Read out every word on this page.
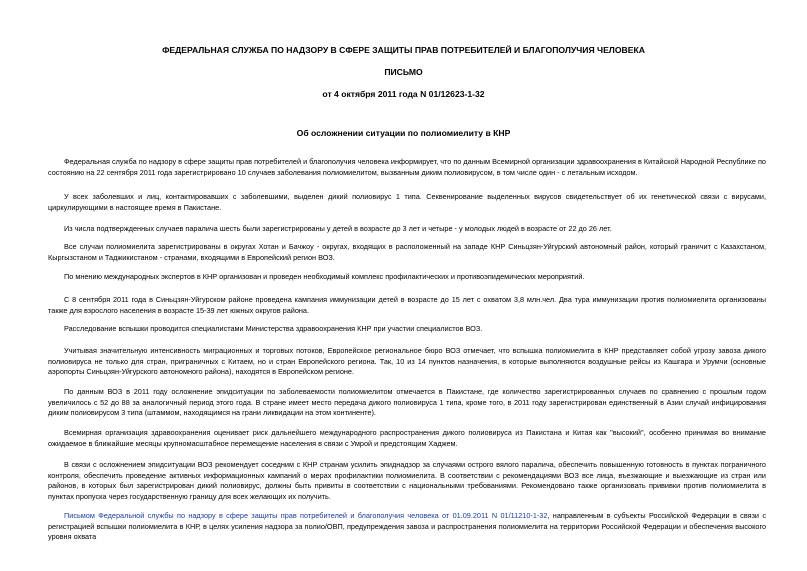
ФЕДЕРАЛЬНАЯ СЛУЖБА ПО НАДЗОРУ В СФЕРЕ ЗАЩИТЫ ПРАВ ПОТРЕБИТЕЛЕЙ И БЛАГОПОЛУЧИЯ ЧЕЛОВЕКА
ПИСЬМО
от 4 октября 2011 года N 01/12623-1-32
Об осложнении ситуации по полиомиелиту в КНР
Федеральная служба по надзору в сфере защиты прав потребителей и благополучия человека информирует, что по данным Всемирной организации здравоохранения в Китайской Народной Республике по состоянию на 22 сентября 2011 года зарегистрировано 10 случаев заболевания полиомиелитом, вызванным диким полиовирусом, в том числе один - с летальным исходом.
У всех заболевших и лиц, контактировавших с заболевшими, выделен дикий полиовирус 1 типа. Секвенирование выделенных вирусов свидетельствует об их генетической связи с вирусами, циркулирующими в настоящее время в Пакистане.
Из числа подтвержденных случаев паралича шесть были зарегистрированы у детей в возрасте до 3 лет и четыре - у молодых людей в возрасте от 22 до 26 лет.
Все случаи полиомиелита зарегистрированы в округах Хотан и Бачжоу - округах, входящих в расположенный на западе КНР Синьцзян-Уйгурский автономный район, который граничит с Казахстаном, Кыргызстаном и Таджикистаном - странами, входящими в Европейский регион ВОЗ.
По мнению международных экспертов в КНР организован и проведен необходимый комплекс профилактических и противоэпидемических мероприятий.
С 8 сентября 2011 года в Синьцзян-Уйгурском районе проведена кампания иммунизации детей в возрасте до 15 лет с охватом 3,8 млн.чел. Два тура иммунизации против полиомиелита организованы также для взрослого населения в возрасте 15-39 лет южных округов района.
Расследование вспышки проводится специалистами Министерства здравоохранения КНР при участии специалистов ВОЗ.
Учитывая значительную интенсивность миграционных и торговых потоков, Европейское региональное бюро ВОЗ отмечает, что вспышка полиомиелита в КНР представляет собой угрозу завоза дикого полиовируса не только для стран, приграничных с Китаем, но и стран Европейского региона. Так, 10 из 14 пунктов назначения, в которые выполняются воздушные рейсы из Кашгара и Урумчи (основные аэропорты Синьцзян-Уйгурского автономного района), находятся в Европейском регионе.
По данным ВОЗ в 2011 году осложнение эпидситуации по заболеваемости полиомиелитом отмечается в Пакистане, где количество зарегистрированных случаев по сравнению с прошлым годом увеличилось с 52 до 88 за аналогичный период этого года. В стране имеет место передача дикого полиовируса 1 типа, кроме того, в 2011 году зарегистрирован единственный в Азии случай инфицирования диким полиовирусом 3 типа (штаммом, находящимся на грани ликвидации на этом континенте).
Всемирная организация здравоохранения оценивает риск дальнейшего международного распространения дикого полиовируса из Пакистана и Китая как "высокий", особенно принимая во внимание ожидаемое в ближайшие месяцы крупномасштабное перемещение населения в связи с Умрой и предстоящим Хаджем.
В связи с осложнением эпидситуации ВОЗ рекомендует соседним с КНР странам усилить эпиднадзор за случаями острого вялого паралича, обеспечить повышенную готовность в пунктах пограничного контроля, обеспечить проведение активных информационных кампаний о мерах профилактики полиомиелита. В соответствии с рекомендациями ВОЗ все лица, въезжающие и выезжающие из стран или районов, в которых был зарегистрирован дикий полиовирус, должны быть привиты в соответствии с национальными требованиями. Рекомендовано также организовать прививки против полиомиелита в пунктах пропуска через государственную границу для всех желающих их получить.
Письмом Федеральной службы по надзору в сфере защиты прав потребителей и благополучия человека от 01.09.2011 N 01/11210-1-32, направленным в субъекты Российской Федерации в связи с регистрацией вспышки полиомиелита в КНР, в целях усиления надзора за полио/ОВП, предупреждения завоза и распространения полиомиелита на территории Российской Федерации и обеспечения высокого уровня охвата
